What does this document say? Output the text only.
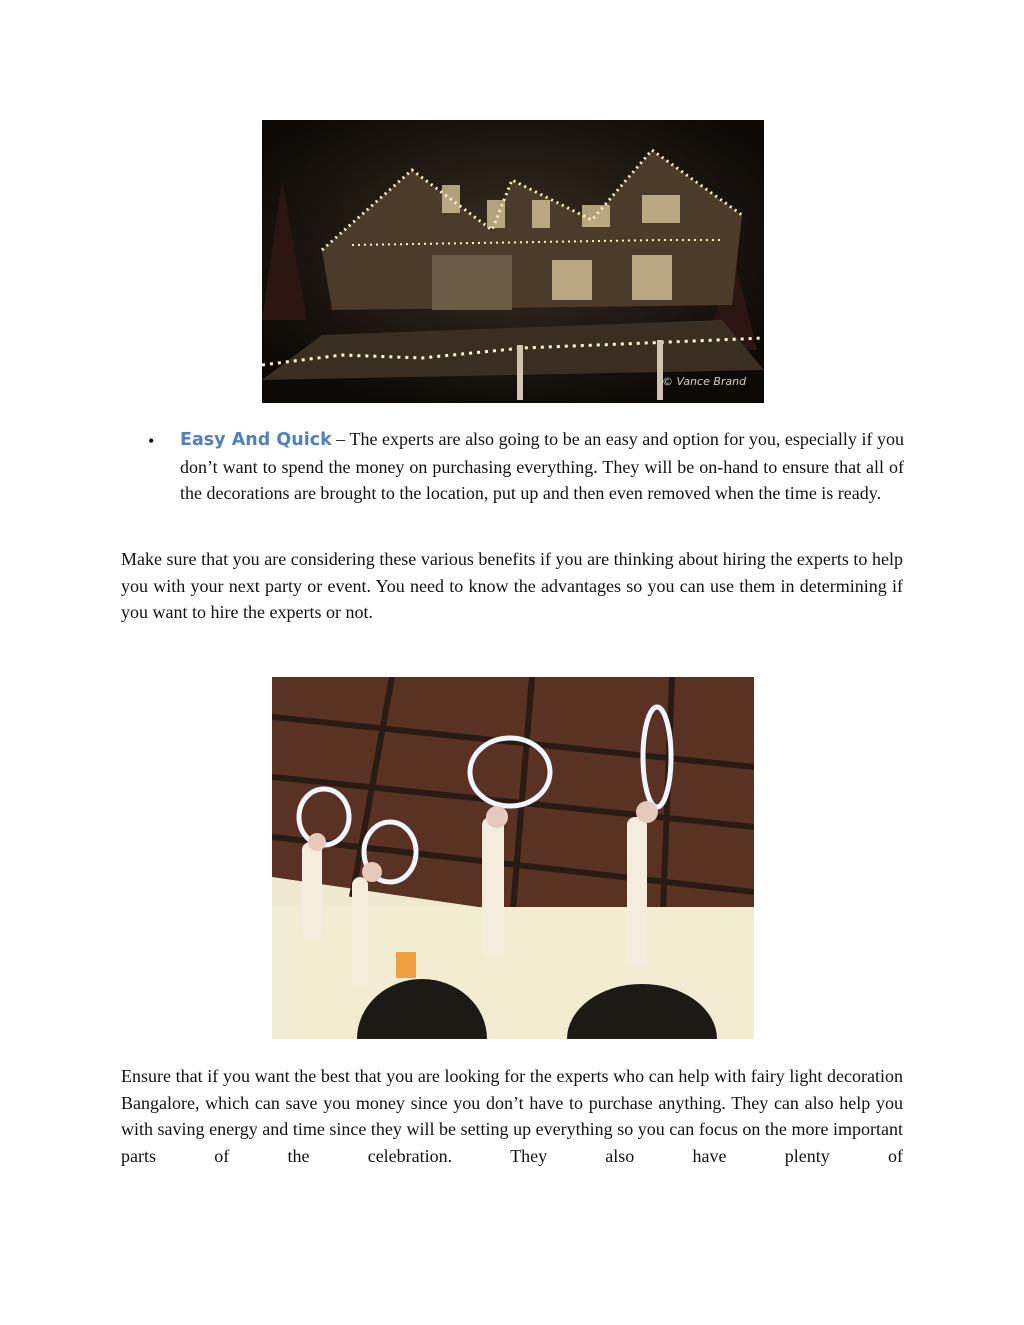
© Vance Brand
• Easy And Quick – The experts are also going to be an easy and option for you, especially if you don’t want to spend the money on purchasing everything. They will be on-hand to ensure that all of the decorations are brought to the location, put up and then even removed when the time is ready.

Make sure that you are considering these various benefits if you are thinking about hiring the experts to help you with your next party or event. You need to know the advantages so you can use them in determining if you want to hire the experts or not.

Ensure that if you want the best that you are looking for the experts who can help with fairy light decoration Bangalore, which can save you money since you don’t have to purchase anything. They can also help you with saving energy and time since they will be setting up everything so you can focus on the more important parts of the celebration. They also have plenty of
